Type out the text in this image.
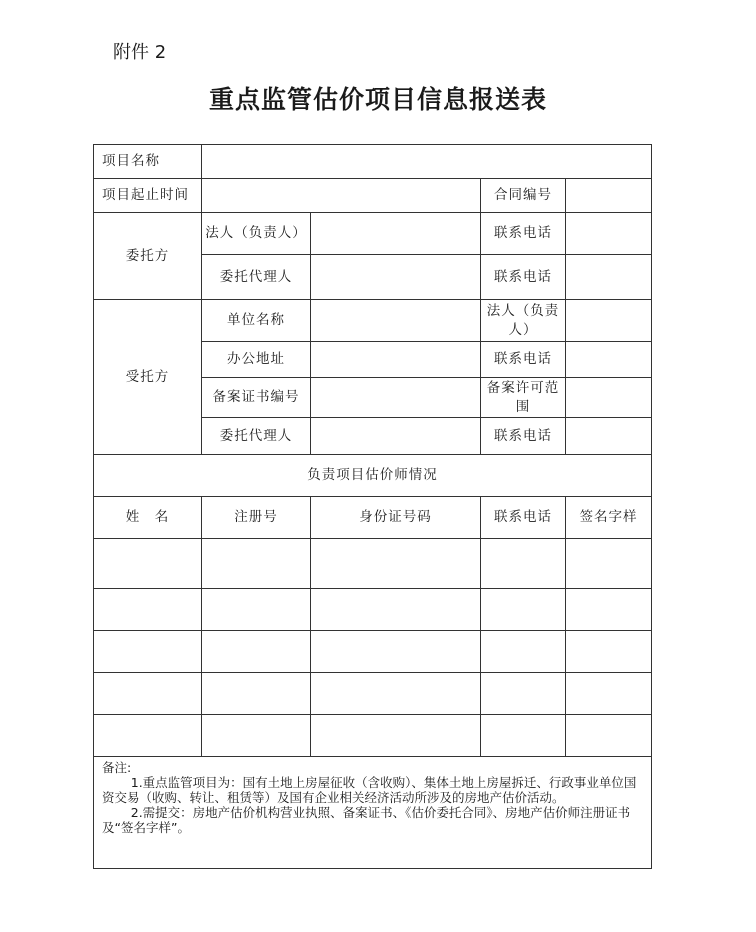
附件 2
重点监管估价项目信息报送表
项目名称				
项目起止时间			合同编号	
委托方	法人（负责人）		联系电话	
	委托代理人		联系电话	
受托方	单位名称		法人（负责人）	
	办公地址		联系电话	
	备案证书编号		备案许可范围	
	委托代理人		联系电话	
负责项目估价师情况				
姓　名	注册号	身份证号码	联系电话	签名字样

备注:

1.重点监管项目为：国有土地上房屋征收（含收购）、集体土地上房屋拆迁、行政事业单位国资交易（收购、转让、租赁等）及国有企业相关经济活动所涉及的房地产估价活动。

2.需提交：房地产估价机构营业执照、备案证书、《估价委托合同》、房地产估价师注册证书及“签名字样”。				
